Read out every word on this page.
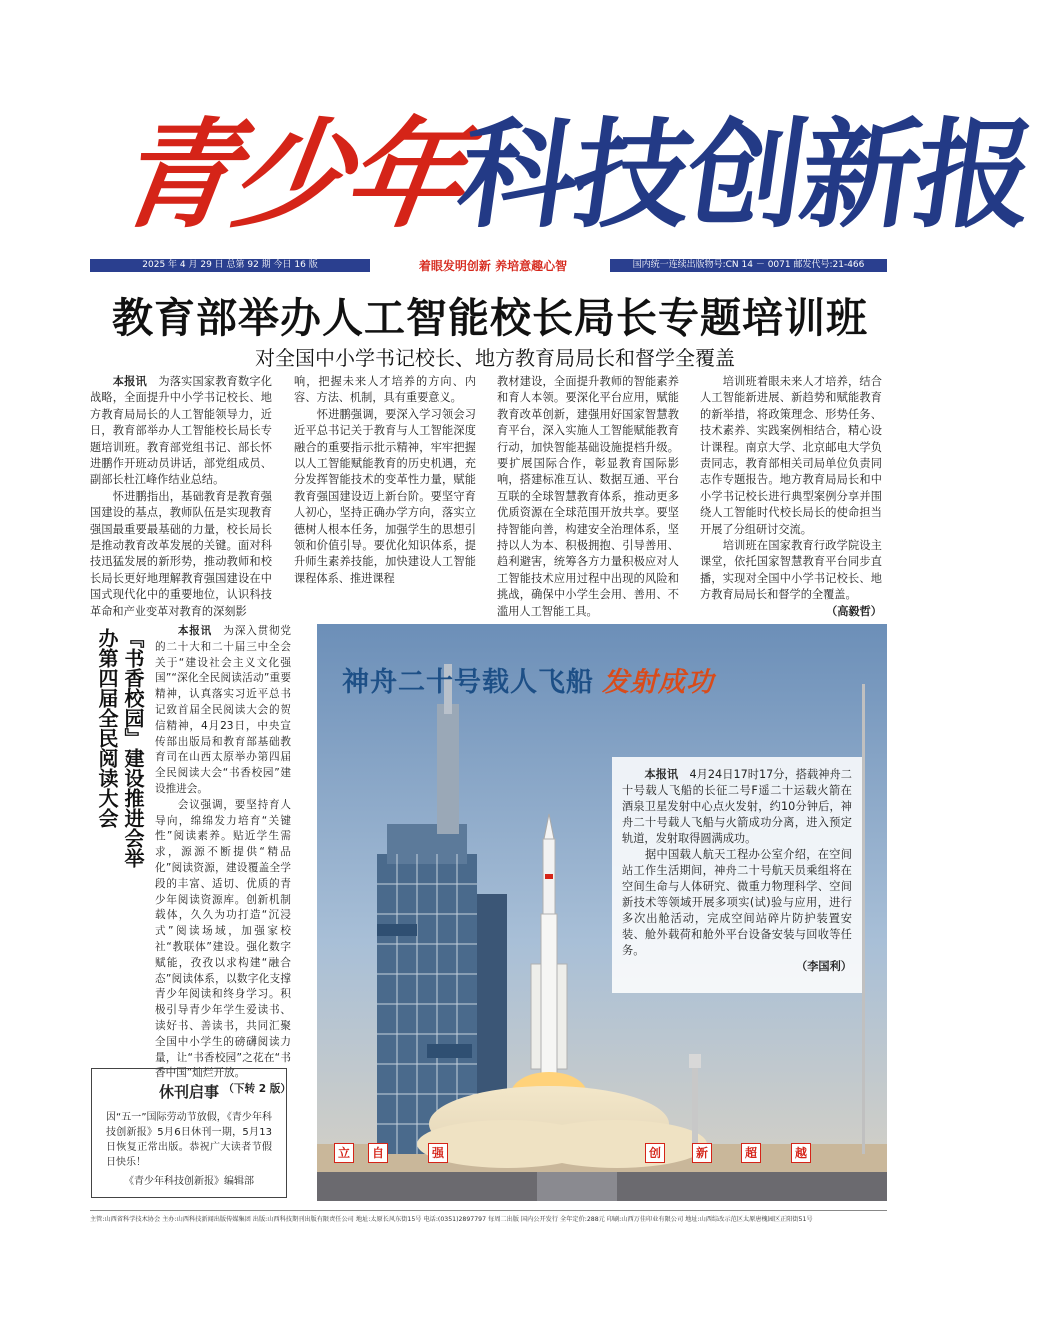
青少年科技创新报
2025 年 4 月 29 日 总第 92 期 今日 16 版	着眼发明创新 养培意趣心智	国内统一连续出版物号:CN 14 － 0071 邮发代号:21-466
教育部举办人工智能校长局长专题培训班
对全国中小学书记校长、地方教育局局长和督学全覆盖
　　本报讯　 为落实国家教育数字化战略，全面提升中小学书记校长、地方教育局局长的人工智能领导力，近日，教育部举办人工智能校长局长专题培训班。教育部党组书记、部长怀进鹏作开班动员讲话，部党组成员、副部长杜江峰作结业总结。
　　怀进鹏指出，基础教育是教育强国建设的基点，教师队伍是实现教育强国最重要最基础的力量，校长局长是推动教育改革发展的关键。面对科技迅猛发展的新形势，推动教师和校长局长更好地理解教育强国建设在中国式现代化中的重要地位，认识科技革命和产业变革对教育的深刻影
响，把握未来人才培养的方向、内容、方法、机制，具有重要意义。
　　怀进鹏强调，要深入学习领会习近平总书记关于教育与人工智能深度融合的重要指示批示精神，牢牢把握以人工智能赋能教育的历史机遇，充分发挥智能技术的变革性力量，赋能教育强国建设迈上新台阶。要坚守育人初心，坚持正确办学方向，落实立德树人根本任务，加强学生的思想引领和价值引导。要优化知识体系，提升师生素养技能，加快建设人工智能课程体系、推进课程
教材建设，全面提升教师的智能素养和育人本领。要深化平台应用，赋能教育改革创新，建强用好国家智慧教育平台，深入实施人工智能赋能教育行动，加快智能基础设施提档升级。要扩展国际合作，彰显教育国际影响，搭建标准互认、数据互通、平台互联的全球智慧教育体系，推动更多优质资源在全球范围开放共享。要坚持智能向善，构建安全治理体系，坚持以人为本、积极拥抱、引导善用、趋利避害，统筹各方力量积极应对人工智能技术应用过程中出现的风险和挑战，确保中小学生会用、善用、不滥用人工智能工具。
　　培训班着眼未来人才培养，结合人工智能新进展、新趋势和赋能教育的新举措，将政策理念、形势任务、技术素养、实践案例相结合，精心设计课程。南京大学、北京邮电大学负责同志，教育部相关司局单位负责同志作专题报告。地方教育局局长和中小学书记校长进行典型案例分享并围绕人工智能时代校长局长的使命担当开展了分组研讨交流。
　　培训班在国家教育行政学院设主课堂，依托国家智慧教育平台同步直播，实现对全国中小学书记校长、地方教育局局长和督学的全覆盖。
（高毅哲）
『书香校园』建设推进会举办第四届全民阅读大会
　　	本报讯　 为深入贯彻党的二十大和二十届三中全会关于“建设社会主义文化强国”“深化全民阅读活动”重要精神，认真落实习近平总书记致首届全民阅读大会的贺信精神，4月23日，中央宣传部出版局和教育部基础教育司在山西太原举办第四届全民阅读大会“书香校园”建设推进会。
　　会议强调，要坚持育人导向，绵绵发力培育“关键性”阅读素养。贴近学生需求，源源不断提供“精品化”阅读资源，建设覆盖全学段的丰富、适切、优质的青少年阅读资源库。创新机制载体，久久为功打造“沉浸式”阅读场域，加强家校社“教联体”建设。强化数字赋能，孜孜以求构建“融合态”阅读体系，以数字化支撑青少年阅读和终身学习。积极引导青少年学生爱读书、读好书、善读书，共同汇聚全国中小学生的磅礴阅读力量，让“书香校园”之花在“书香中国”灿烂开放。
（下转 2 版）
休刊启事
因“五一”国际劳动节放假，《青少年科技创新报》5月6日休刊一期，5月13日恢复正常出版。恭祝广大读者节假日快乐！
《青少年科技创新报》编辑部
神舟二十号载人飞船 发射成功
立	自	强	创	新	超	越
　　本报讯　 4月24日17时17分，搭载神舟二十号载人飞船的长征二号F遥二十运载火箭在酒泉卫星发射中心点火发射，约10分钟后，神舟二十号载人飞船与火箭成功分离，进入预定轨道，发射取得圆满成功。
　　据中国载人航天工程办公室介绍，在空间站工作生活期间，神舟二十号航天员乘组将在空间生命与人体研究、微重力物理科学、空间新技术等领域开展多项实(试)验与应用，进行多次出舱活动，完成空间站碎片防护装置安装、舱外载荷和舱外平台设备安装与回收等任务。
（李国利）
主管:山西省科学技术协会 主办:山西科技新闻出版传媒集团 出版:山西科技期刊出版有限责任公司 地址:太原长风东街15号 电话:(0351)2897797 每周二出版 国内公开发行 全年定价:288元 印刷:山西万佳印业有限公司 地址:山西综改示范区太原唐槐园区正阳街51号
